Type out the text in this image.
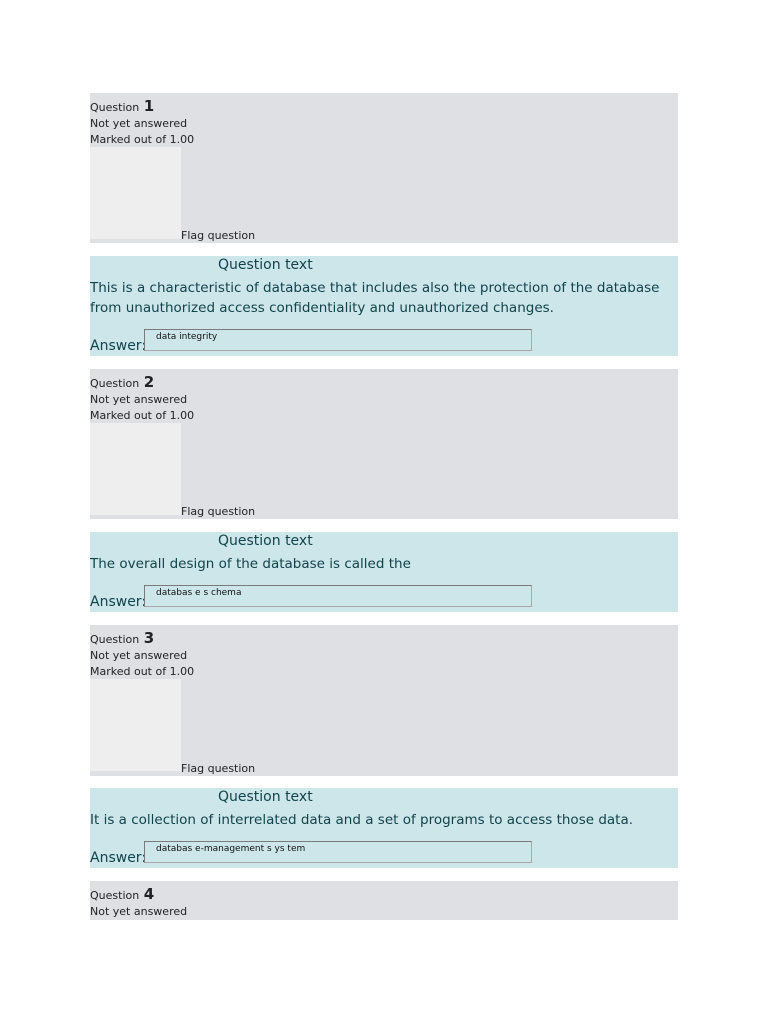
Question 1
Not yet answered
Marked out of 1.00
Flag question
Question text
This is a characteristic of database that includes also the protection of the database from unauthorized access confidentiality and unauthorized changes.
Answer:
data integrity
Question 2
Not yet answered
Marked out of 1.00
Flag question
Question text
The overall design of the database is called the
Answer:
databas e s chema
Question 3
Not yet answered
Marked out of 1.00
Flag question
Question text
It is a collection of interrelated data and a set of programs to access those data.
Answer:
databas e-management s ys tem
Question 4
Not yet answered
